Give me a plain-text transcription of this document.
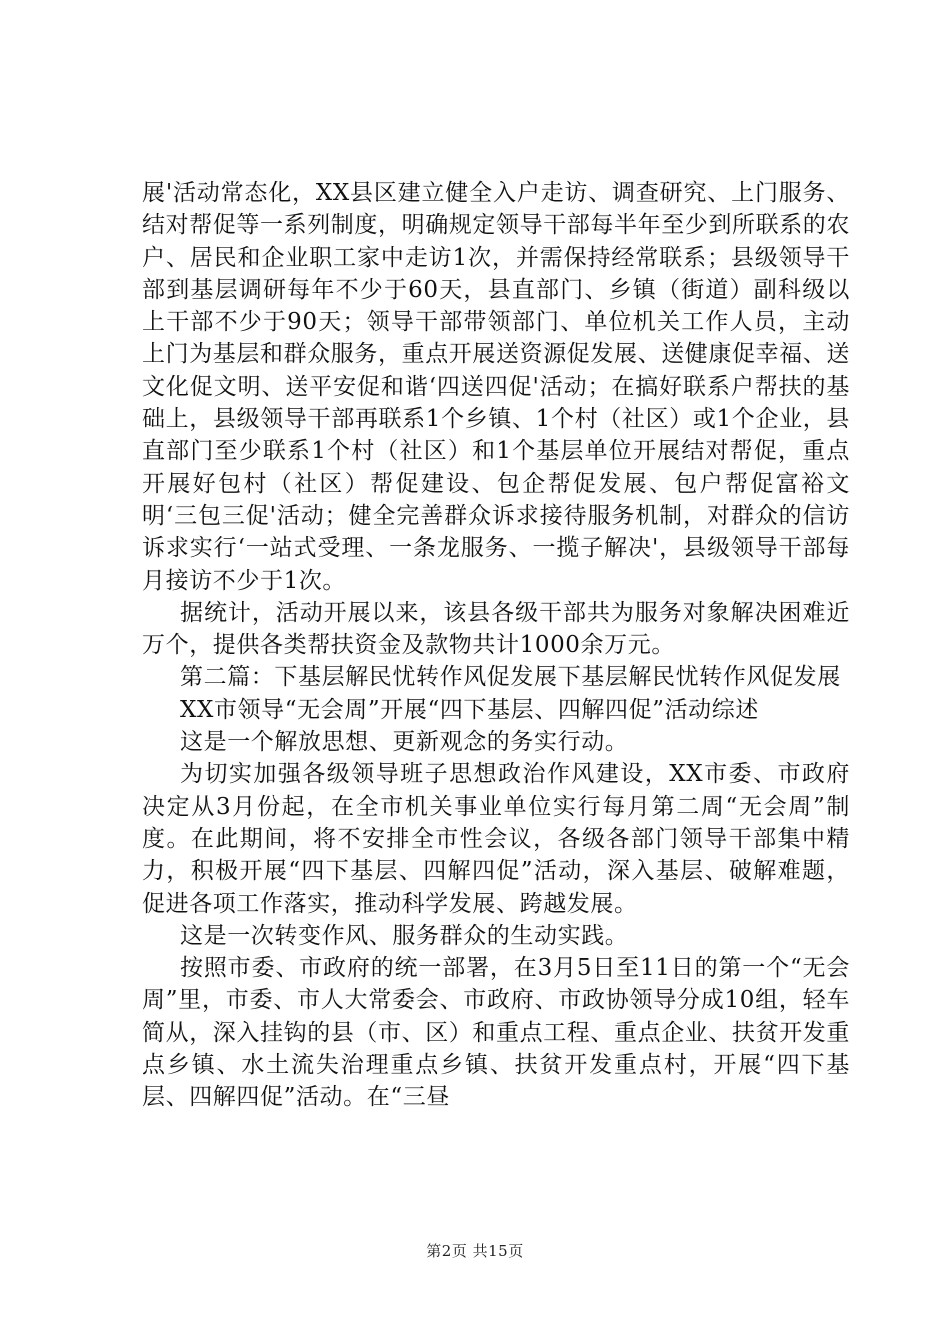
展'活动常态化，XX县区建立健全入户走访、调查研究、上门服务、结对帮促等一系列制度，明确规定领导干部每半年至少到所联系的农户、居民和企业职工家中走访1次，并需保持经常联系；县级领导干部到基层调研每年不少于60天，县直部门、乡镇（街道）副科级以上干部不少于90天；领导干部带领部门、单位机关工作人员，主动上门为基层和群众服务，重点开展送资源促发展、送健康促幸福、送文化促文明、送平安促和谐‘四送四促'活动；在搞好联系户帮扶的基础上，县级领导干部再联系1个乡镇、1个村（社区）或1个企业，县直部门至少联系1个村（社区）和1个基层单位开展结对帮促，重点开展好包村（社区）帮促建设、包企帮促发展、包户帮促富裕文明‘三包三促'活动；健全完善群众诉求接待服务机制，对群众的信访诉求实行‘一站式受理、一条龙服务、一揽子解决'，县级领导干部每月接访不少于1次。

据统计，活动开展以来，该县各级干部共为服务对象解决困难近万个，提供各类帮扶资金及款物共计1000余万元。

第二篇：下基层解民忧转作风促发展下基层解民忧转作风促发展

XX市领导“无会周”开展“四下基层、四解四促”活动综述

这是一个解放思想、更新观念的务实行动。

为切实加强各级领导班子思想政治作风建设，XX市委、市政府决定从3月份起，在全市机关事业单位实行每月第二周“无会周”制度。在此期间，将不安排全市性会议，各级各部门领导干部集中精力，积极开展“四下基层、四解四促”活动，深入基层、破解难题，促进各项工作落实，推动科学发展、跨越发展。

这是一次转变作风、服务群众的生动实践。

按照市委、市政府的统一部署，在3月5日至11日的第一个“无会周”里，市委、市人大常委会、市政府、市政协领导分成10组，轻车简从，深入挂钩的县（市、区）和重点工程、重点企业、扶贫开发重点乡镇、水土流失治理重点乡镇、扶贫开发重点村，开展“四下基层、四解四促”活动。在“三昼

第2页 共15页
